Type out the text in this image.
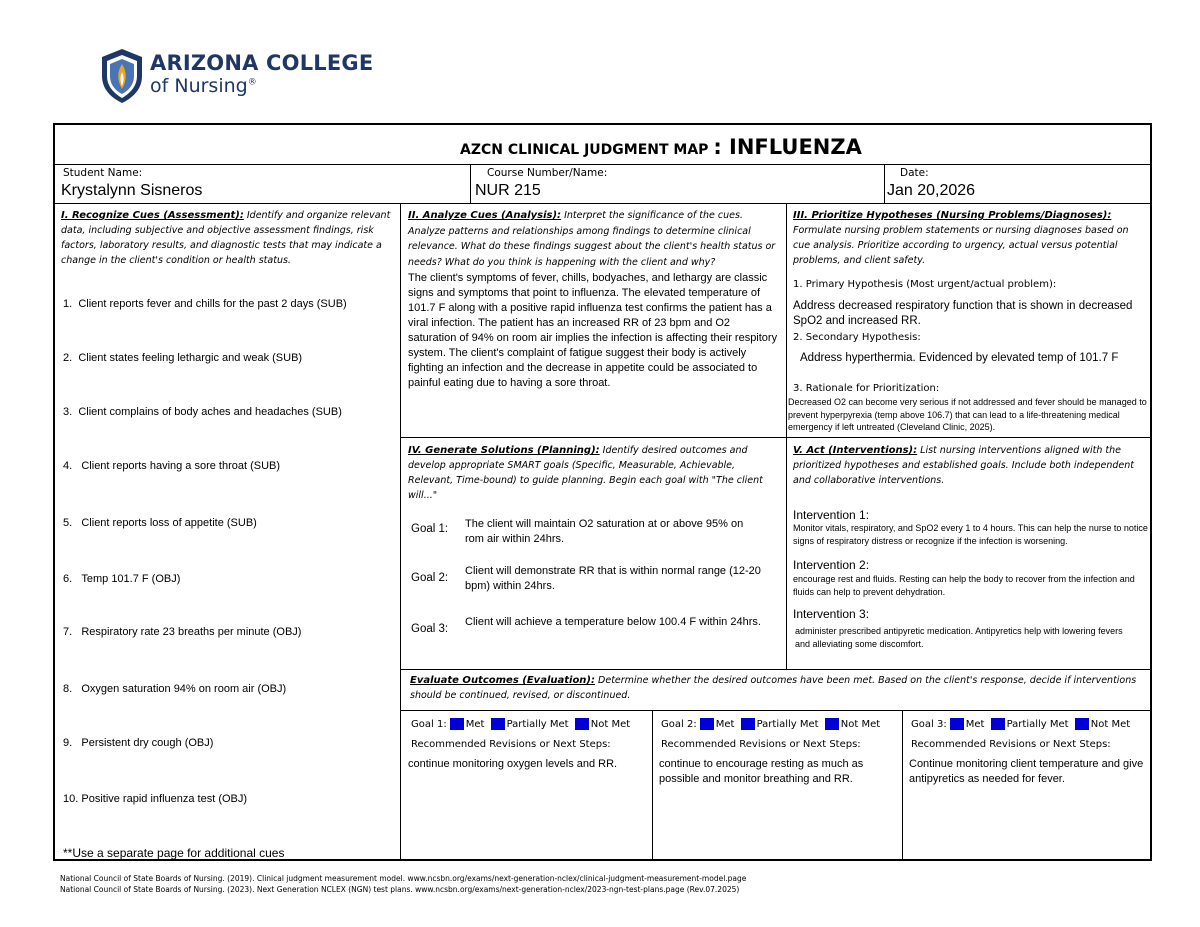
ARIZONA COLLEGE
of Nursing®
AZCN CLINICAL JUDGMENT MAP : INFLUENZA
Student Name:
Krystalynn Sisneros
Course Number/Name:
NUR 215
Date:
Jan 20,2026
I. Recognize Cues (Assessment): Identify and organize relevant data, including subjective and objective assessment findings, risk factors, laboratory results, and diagnostic tests that may indicate a change in the client's condition or health status.
1. Client reports fever and chills for the past 2 days (SUB)
2. Client states feeling lethargic and weak (SUB)
3. Client complains of body aches and headaches (SUB)
4. Client reports having a sore throat (SUB)
5. Client reports loss of appetite (SUB)
6. Temp 101.7 F (OBJ)
7. Respiratory rate 23 breaths per minute (OBJ)
8. Oxygen saturation 94% on room air (OBJ)
9. Persistent dry cough (OBJ)
10. Positive rapid influenza test (OBJ)
**Use a separate page for additional cues
II. Analyze Cues (Analysis): Interpret the significance of the cues. Analyze patterns and relationships among findings to determine clinical relevance. What do these findings suggest about the client's health status or needs? What do you think is happening with the client and why?
The client's symptoms of fever, chills, bodyaches, and lethargy are classic signs and symptoms that point to influenza. The elevated temperature of 101.7 F along with a positive rapid influenza test confirms the patient has a viral infection. The patient has an increased RR of 23 bpm and O2 saturation of 94% on room air implies the infection is affecting their respitory system. The client's complaint of fatigue suggest their body is actively fighting an infection and the decrease in appetite could be associated to painful eating due to having a sore throat.
III. Prioritize Hypotheses (Nursing Problems/Diagnoses):
Formulate nursing problem statements or nursing diagnoses based on cue analysis. Prioritize according to urgency, actual versus potential problems, and client safety.
1. Primary Hypothesis (Most urgent/actual problem):
Address decreased respiratory function that is shown in decreased SpO2 and increased RR.
2. Secondary Hypothesis:
Address hyperthermia. Evidenced by elevated temp of 101.7 F
3. Rationale for Prioritization:
Decreased O2 can become very serious if not addressed and fever should be managed to prevent hyperpyrexia (temp above 106.7) that can lead to a life-threatening medical emergency if left untreated (Cleveland Clinic, 2025).
IV. Generate Solutions (Planning): Identify desired outcomes and develop appropriate SMART goals (Specific, Measurable, Achievable, Relevant, Time-bound) to guide planning. Begin each goal with "The client will..."
Goal 1: The client will maintain O2 saturation at or above 95% on rom air within 24hrs.
Goal 2:
Client will demonstrate RR that is within normal range (12-20 bpm) within 24hrs.
Goal 3:
Client will achieve a temperature below 100.4 F within 24hrs.
V. Act (Interventions): List nursing interventions aligned with the prioritized hypotheses and established goals. Include both independent and collaborative interventions.
Intervention 1:
Monitor vitals, respiratory, and SpO2 every 1 to 4 hours. This can help the nurse to notice signs of respiratory distress or recognize if the infection is worsening.
Intervention 2:
encourage rest and fluids. Resting can help the body to recover from the infection and fluids can help to prevent dehydration.
Intervention 3:
administer prescribed antipyretic medication. Antipyretics help with lowering fevers and alleviating some discomfort.
Evaluate Outcomes (Evaluation): Determine whether the desired outcomes have been met. Based on the client's response, decide if interventions should be continued, revised, or discontinued.
Goal 1: Met Partially Met Not Met
Recommended Revisions or Next Steps:
continue monitoring oxygen levels and RR.
Goal 2: Met Partially Met Not Met
Recommended Revisions or Next Steps:
continue to encourage resting as much as possible and monitor breathing and RR.
Goal 3: Met Partially Met Not Met
Recommended Revisions or Next Steps:
Continue monitoring client temperature and give antipyretics as needed for fever.
National Council of State Boards of Nursing. (2019). Clinical judgment measurement model. www.ncsbn.org/exams/next-generation-nclex/clinical-judgment-measurement-model.page
National Council of State Boards of Nursing. (2023). Next Generation NCLEX (NGN) test plans. www.ncsbn.org/exams/next-generation-nclex/2023-ngn-test-plans.page (Rev.07.2025)
